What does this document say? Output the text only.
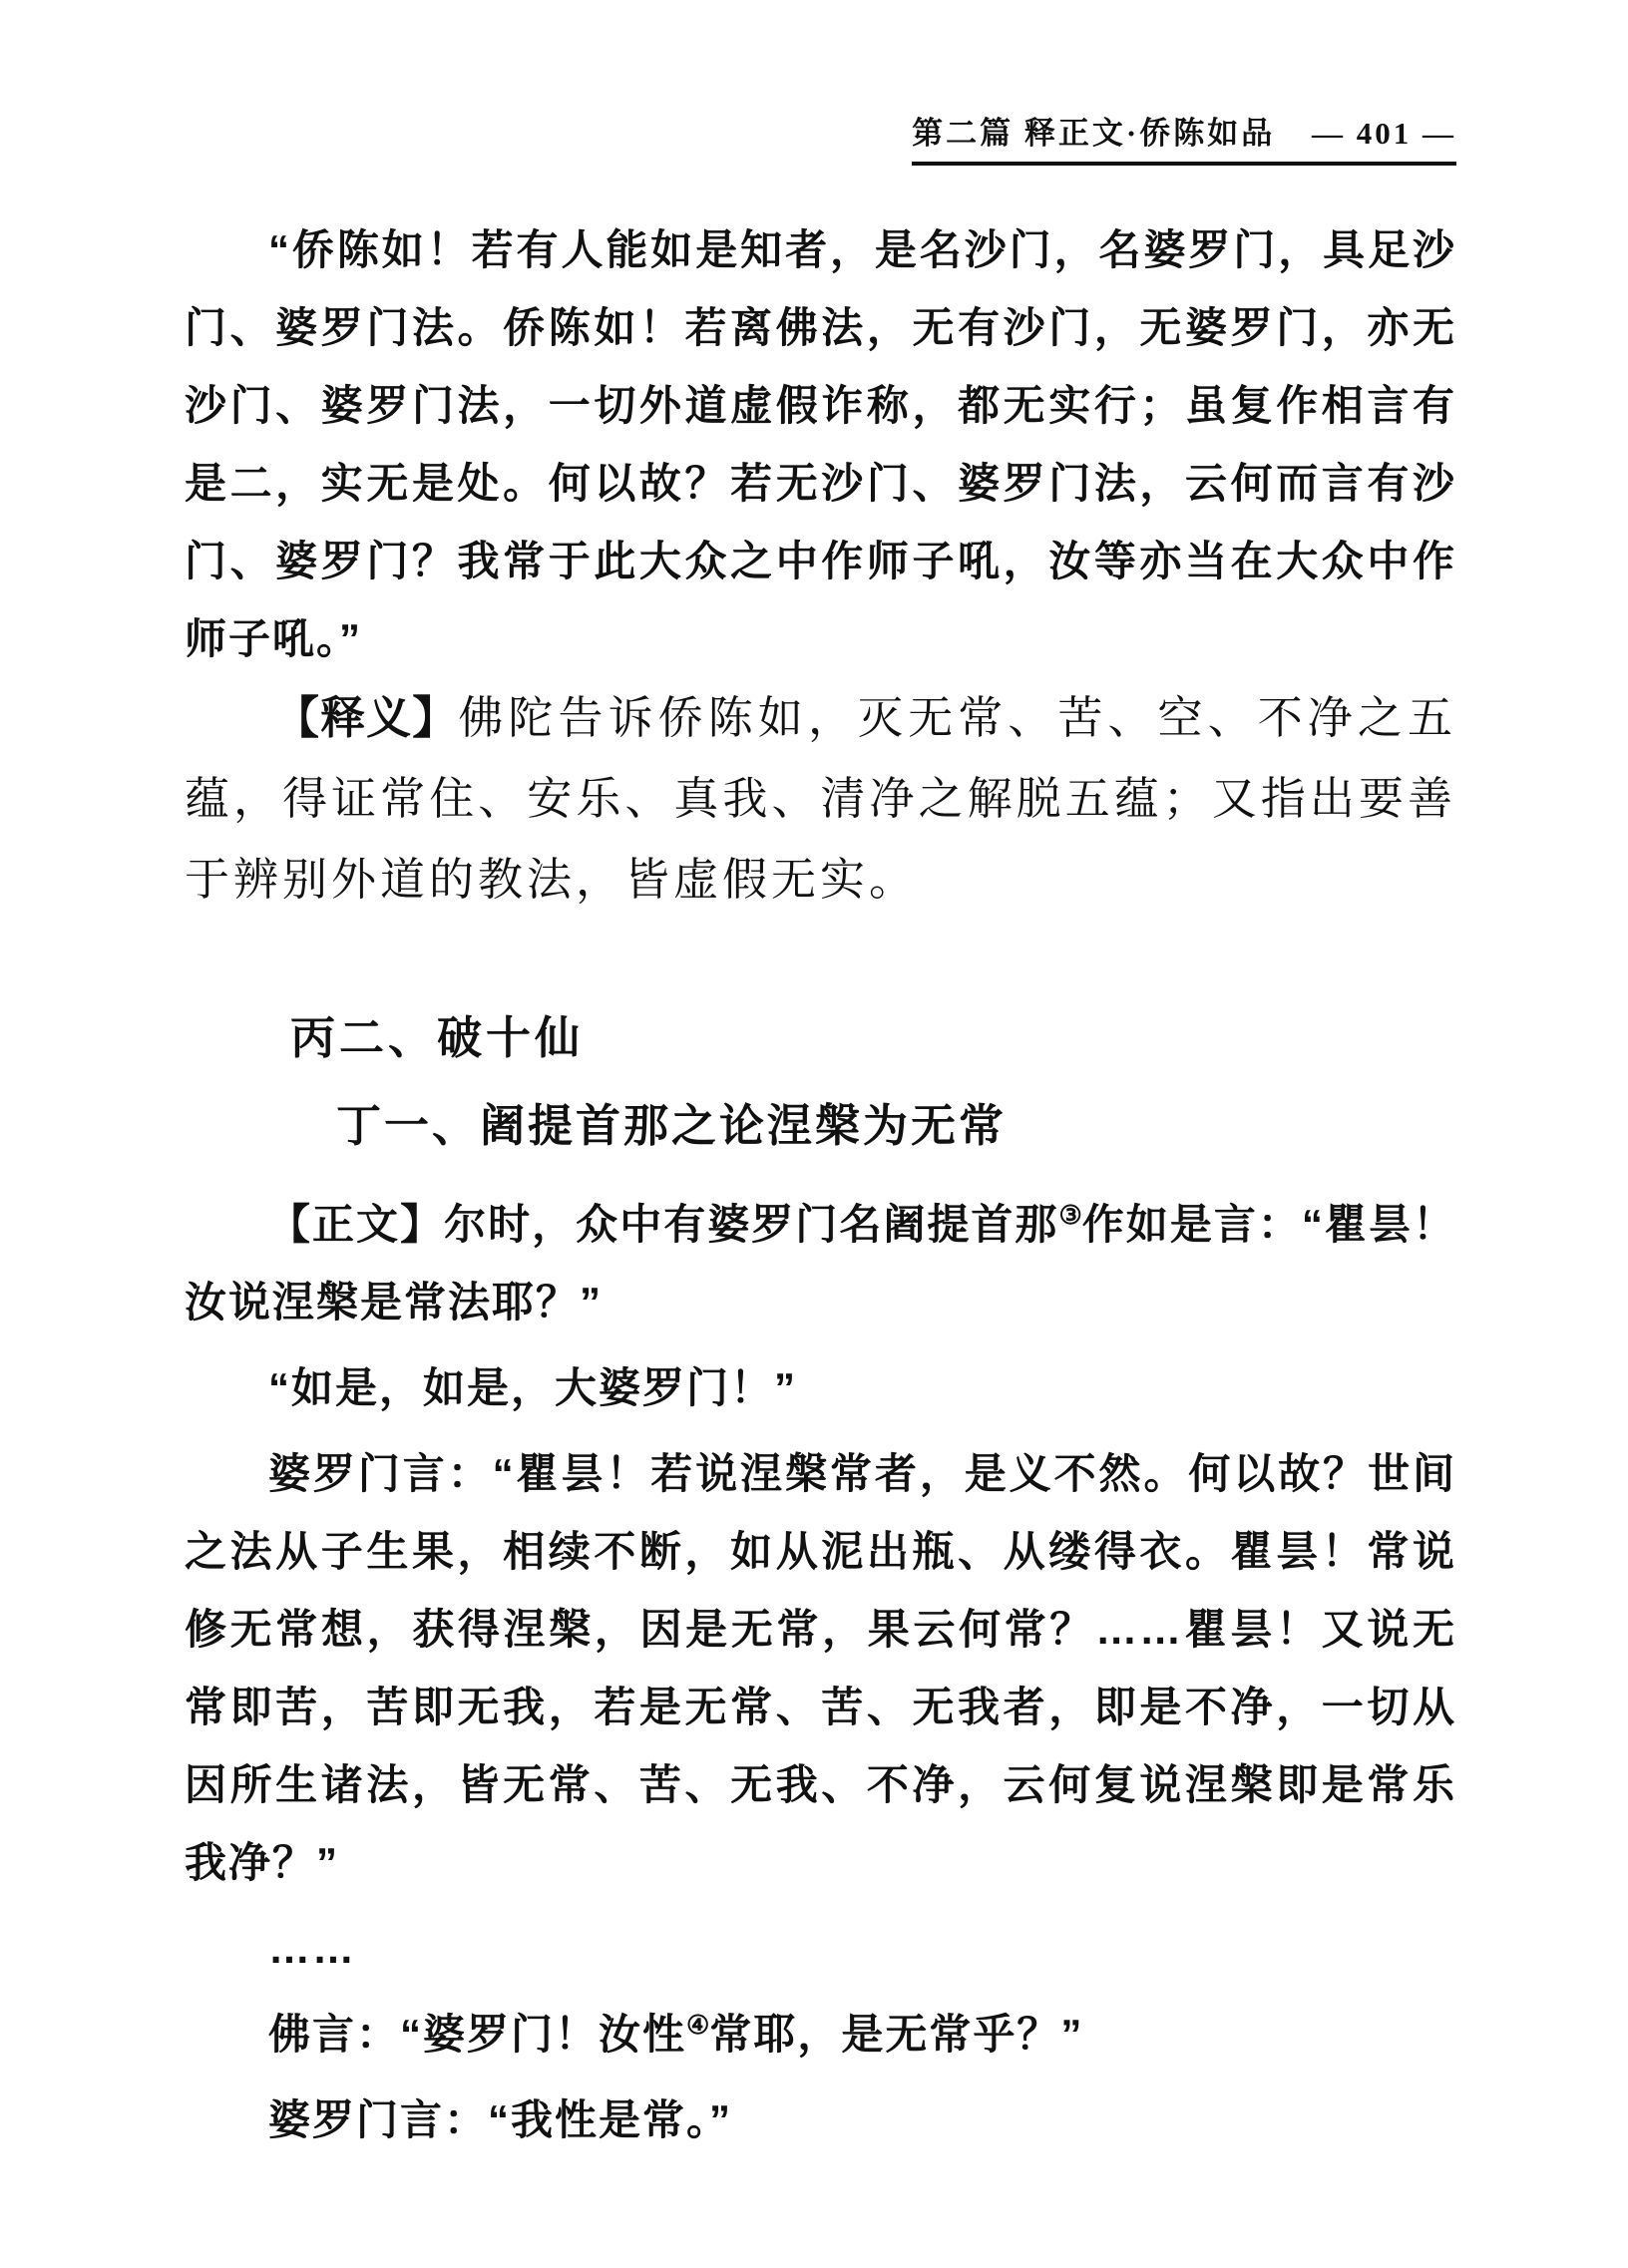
第二篇 释正文·侨陈如品 — 401 —

“侨陈如！若有人能如是知者，是名沙门，名婆罗门，具足沙门、婆罗门法。侨陈如！若离佛法，无有沙门，无婆罗门，亦无沙门、婆罗门法，一切外道虚假诈称，都无实行；虽复作相言有是二，实无是处。何以故？若无沙门、婆罗门法，云何而言有沙门、婆罗门？我常于此大众之中作师子吼，汝等亦当在大众中作师子吼。”

【释义】佛陀告诉侨陈如，灭无常、苦、空、不净之五蕴，得证常住、安乐、真我、清净之解脱五蕴；又指出要善于辨别外道的教法，皆虚假无实。

丙二、破十仙
丁一、阇提首那之论涅槃为无常

【正文】尔时，众中有婆罗门名阇提首那③作如是言：“瞿昙！汝说涅槃是常法耶？”

“如是，如是，大婆罗门！”

婆罗门言：“瞿昙！若说涅槃常者，是义不然。何以故？世间之法从子生果，相续不断，如从泥出瓶、从缕得衣。瞿昙！常说修无常想，获得涅槃，因是无常，果云何常？……瞿昙！又说无常即苦，苦即无我，若是无常、苦、无我者，即是不净，一切从因所生诸法，皆无常、苦、无我、不净，云何复说涅槃即是常乐我净？”

……

佛言：“婆罗门！汝性④常耶，是无常乎？”

婆罗门言：“我性是常。”
